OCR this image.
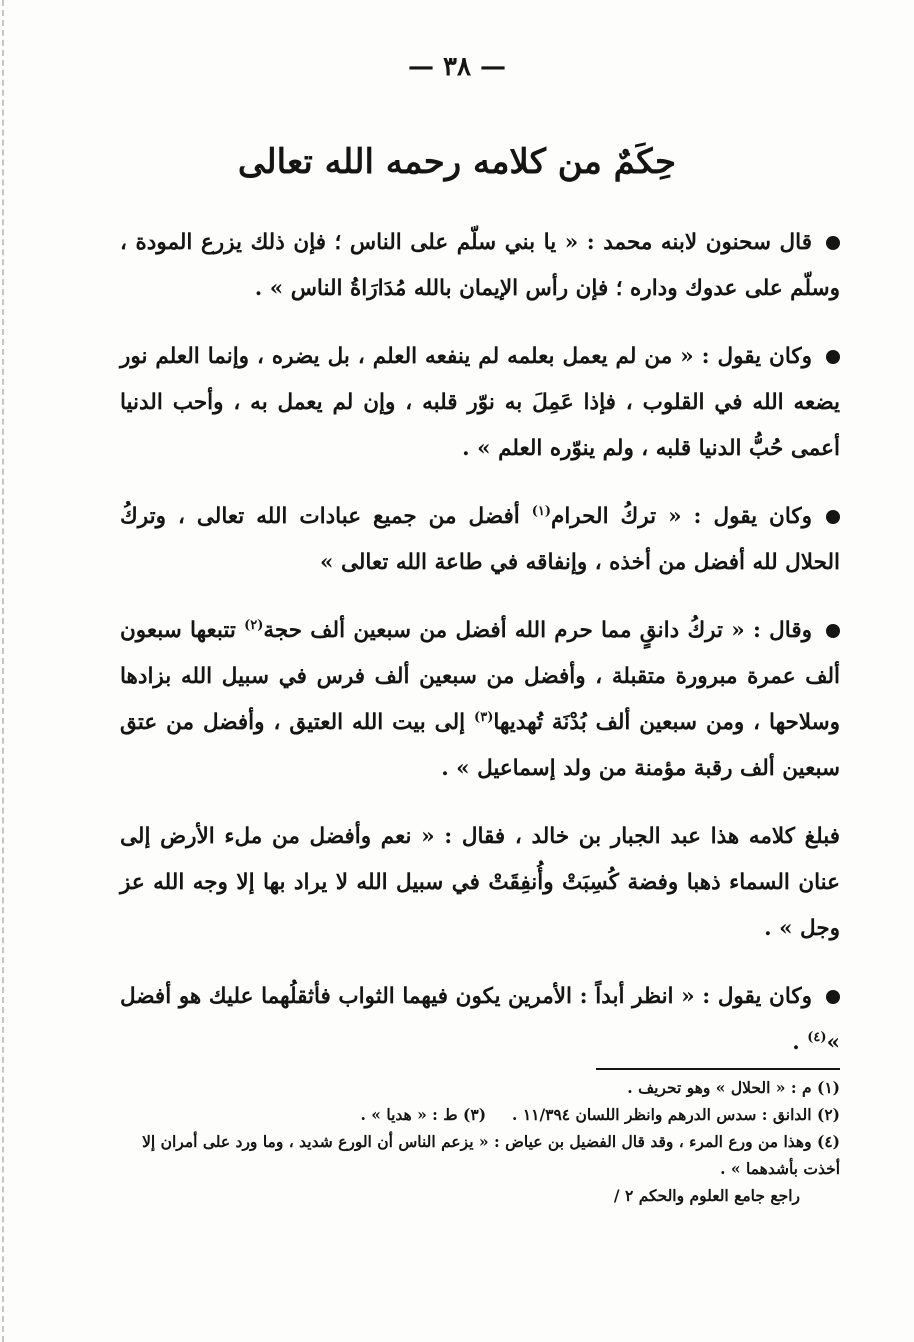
— ٣٨ —
حِكَمٌ من كلامه رحمه الله تعالى

قال سحنون لابنه محمد : « يا بني سلّم على الناس ؛ فإن ذلك يزرع المودة ، وسلّم على عدوك وداره ؛ فإن رأس الإيمان بالله مُدَارَاةُ الناس » .

وكان يقول : « من لم يعمل بعلمه لم ينفعه العلم ، بل يضره ، وإنما العلم نور يضعه الله في القلوب ، فإذا عَمِلَ به نوّر قلبه ، وإن لم يعمل به ، وأحب الدنيا أعمى حُبُّ الدنيا قلبه ، ولم ينوّره العلم » .

وكان يقول : « تركُ الحرام$^{(١)}$ أفضل من جميع عبادات الله تعالى ، وتركُ الحلال لله أفضل من أخذه ، وإنفاقه في طاعة الله تعالى »

وقال : « تركُ دانقٍ مما حرم الله أفضل من سبعين ألف حجة$^{(٢)}$ تتبعها سبعون ألف عمرة مبرورة متقبلة ، وأفضل من سبعين ألف فرس في سبيل الله بزادها وسلاحها ، ومن سبعين ألف بُدْنَة تُهديها$^{(٣)}$ إلى بيت الله العتيق ، وأفضل من عتق سبعين ألف رقبة مؤمنة من ولد إسماعيل » .

فبلغ كلامه هذا عبد الجبار بن خالد ، فقال : « نعم وأفضل من ملء الأرض إلى عنان السماء ذهبا وفضة كُسِبَتْ وأُنفِقَتْ في سبيل الله لا يراد بها إلا وجه الله عز وجل » .

وكان يقول : « انظر أبداً : الأمرين يكون فيهما الثواب فأثقلُهما عليك هو أفضل »$^{(٤)}$ .

(١) م : « الحلال » وهو تحريف .
(٢) الدانق : سدس الدرهم وانظر اللسان ١١/٣٩٤ .
(٣) ط : « هديا » .
(٤) وهذا من ورع المرء ، وقد قال الفضيل بن عياض : « يزعم الناس أن الورع شديد ، وما ورد على أمران إلا أخذت بأشدهما » .
راجع جامع العلوم والحكم ٢ /
